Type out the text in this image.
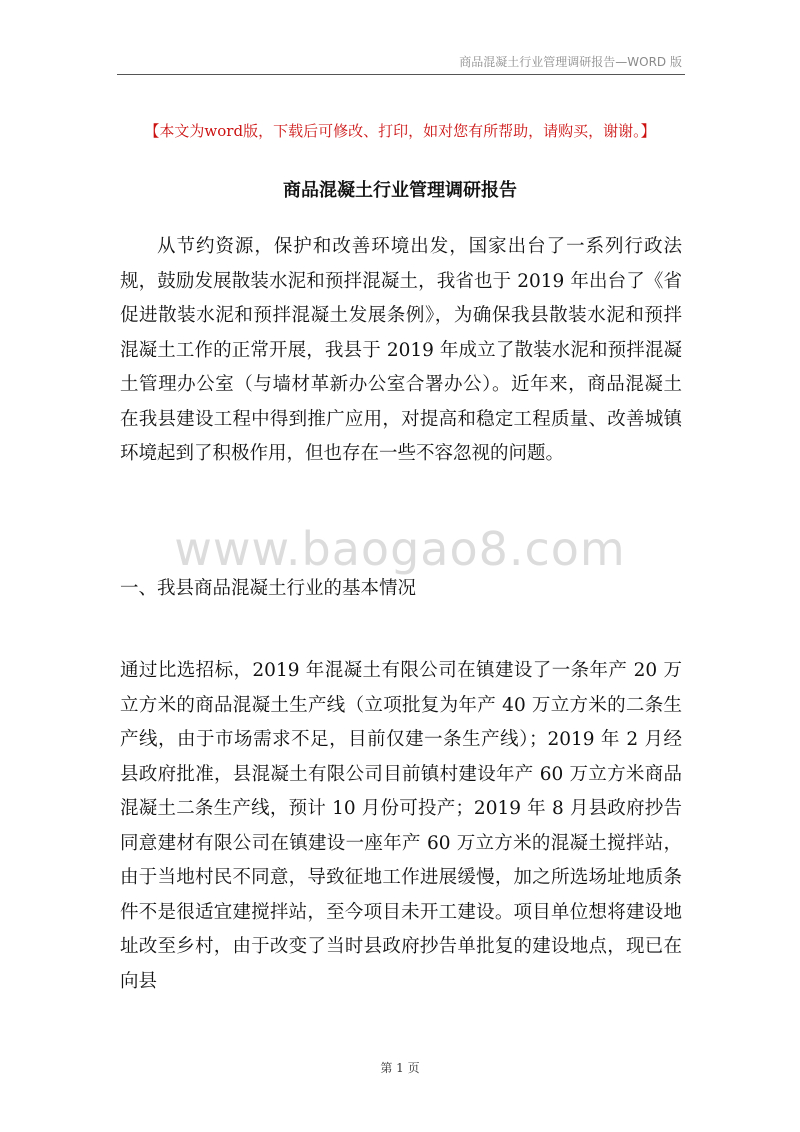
商品混凝土行业管理调研报告—WORD 版
【本文为word版，下载后可修改、打印，如对您有所帮助，请购买，谢谢。】
商品混凝土行业管理调研报告

从节约资源，保护和改善环境出发，国家出台了一系列行政法规，鼓励发展散装水泥和预拌混凝土，我省也于 2019 年出台了《省促进散装水泥和预拌混凝土发展条例》，为确保我县散装水泥和预拌混凝土工作的正常开展，我县于 2019 年成立了散装水泥和预拌混凝土管理办公室（与墙材革新办公室合署办公）。近年来，商品混凝土在我县建设工程中得到推广应用，对提高和稳定工程质量、改善城镇环境起到了积极作用，但也存在一些不容忽视的问题。

www.baogao8.com
一、我县商品混凝土行业的基本情况

通过比选招标，2019 年混凝土有限公司在镇建设了一条年产 20 万立方米的商品混凝土生产线（立项批复为年产 40 万立方米的二条生产线，由于市场需求不足，目前仅建一条生产线）；2019 年 2 月经县政府批准，县混凝土有限公司目前镇村建设年产 60 万立方米商品混凝土二条生产线，预计 10 月份可投产；2019 年 8 月县政府抄告同意建材有限公司在镇建设一座年产 60 万立方米的混凝土搅拌站，由于当地村民不同意，导致征地工作进展缓慢，加之所选场址地质条件不是很适宜建搅拌站，至今项目未开工建设。项目单位想将建设地址改至乡村，由于改变了当时县政府抄告单批复的建设地点，现已在向县

第 1 页
